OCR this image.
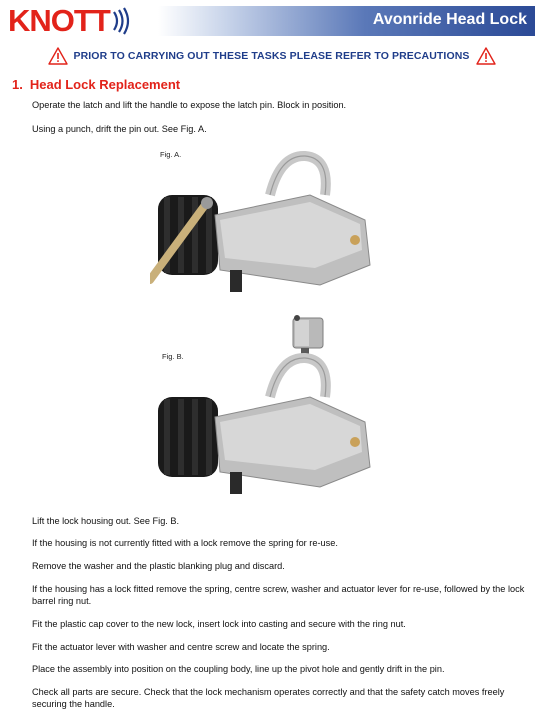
KNOTT	Avonride Head Lock
PRIOR TO CARRYING OUT THESE TASKS PLEASE REFER TO PRECAUTIONS
1. Head Lock Replacement
Operate the latch and lift the handle to expose the latch pin. Block in position.
Using a punch, drift the pin out. See Fig. A.
Fig. A.
Fig. B.
Lift the lock housing out. See Fig. B.
If the housing is not currently fitted with a lock remove the spring for re-use.
Remove the washer and the plastic blanking plug and discard.
If the housing has a lock fitted remove the spring, centre screw, washer and actuator lever for re-use, followed by the lock barrel ring nut.
Fit the plastic cap cover to the new lock, insert lock into casting and secure with the ring nut.
Fit the actuator lever with washer and centre screw and locate the spring.
Place the assembly into position on the coupling body, line up the pivot hole and gently drift in the pin.
Check all parts are secure. Check that the lock mechanism operates correctly and that the safety catch moves freely securing the handle.
